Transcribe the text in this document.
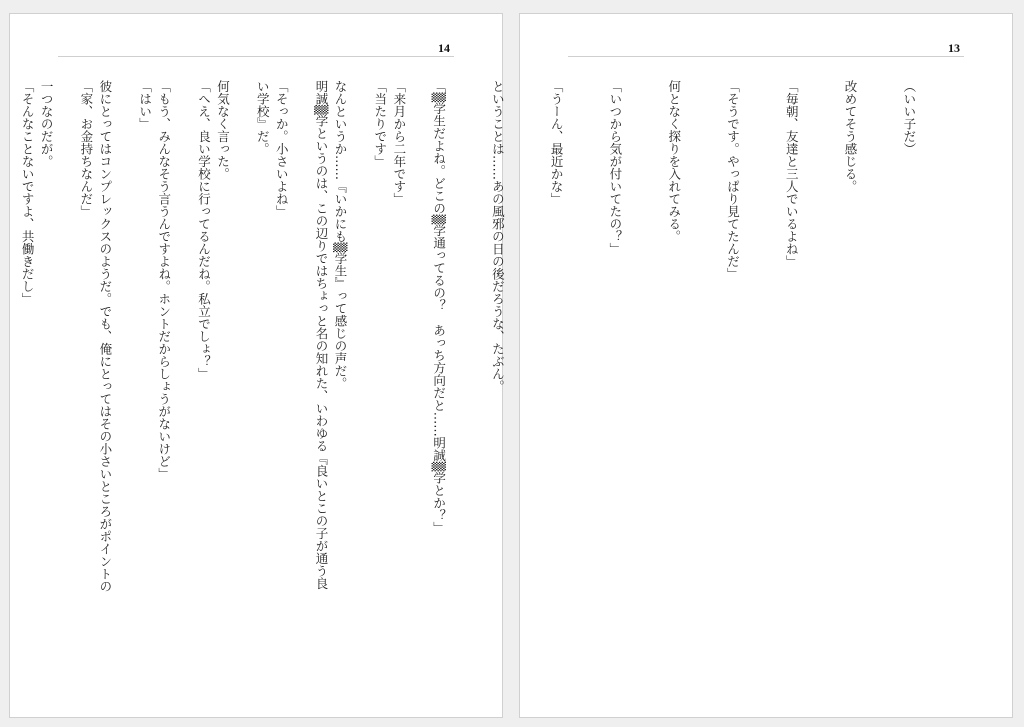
14

「来月から二年です」

なんというか……『いかにも▒学生』って感じの声だ。

「そっか。小さいよね」

何気なく言った。

「もう、みんなそう言うんですよね。ホントだからしょうがないけど」

彼にとってはコンプレックスのようだ。でも、俺にとってはその小さいところがポイントの

一つなのだが。

13

（いい子だ）

改めてそう感じる。

「毎朝、友達と三人でいるよね」

「そうです。やっぱり見てたんだ」

何となく探りを入れてみる。

「いつから気が付いてたの？」

「うーん、最近かな」

ということは……あの風邪の日の後だろうな、たぶん。

「▒学生だよね。どこの▒学通ってるの？　あっち方向だと……明誠▒学とか？」

「当たりです」

明誠▒学というのは、この辺りではちょっと名の知れた、いわゆる『良いとこの子が通う良

い学校』だ。

「へえ、良い学校に行ってるんだね。私立でしょ？」

「はい」

「家、お金持ちなんだ」

「そんなことないですよ、共働きだし」
